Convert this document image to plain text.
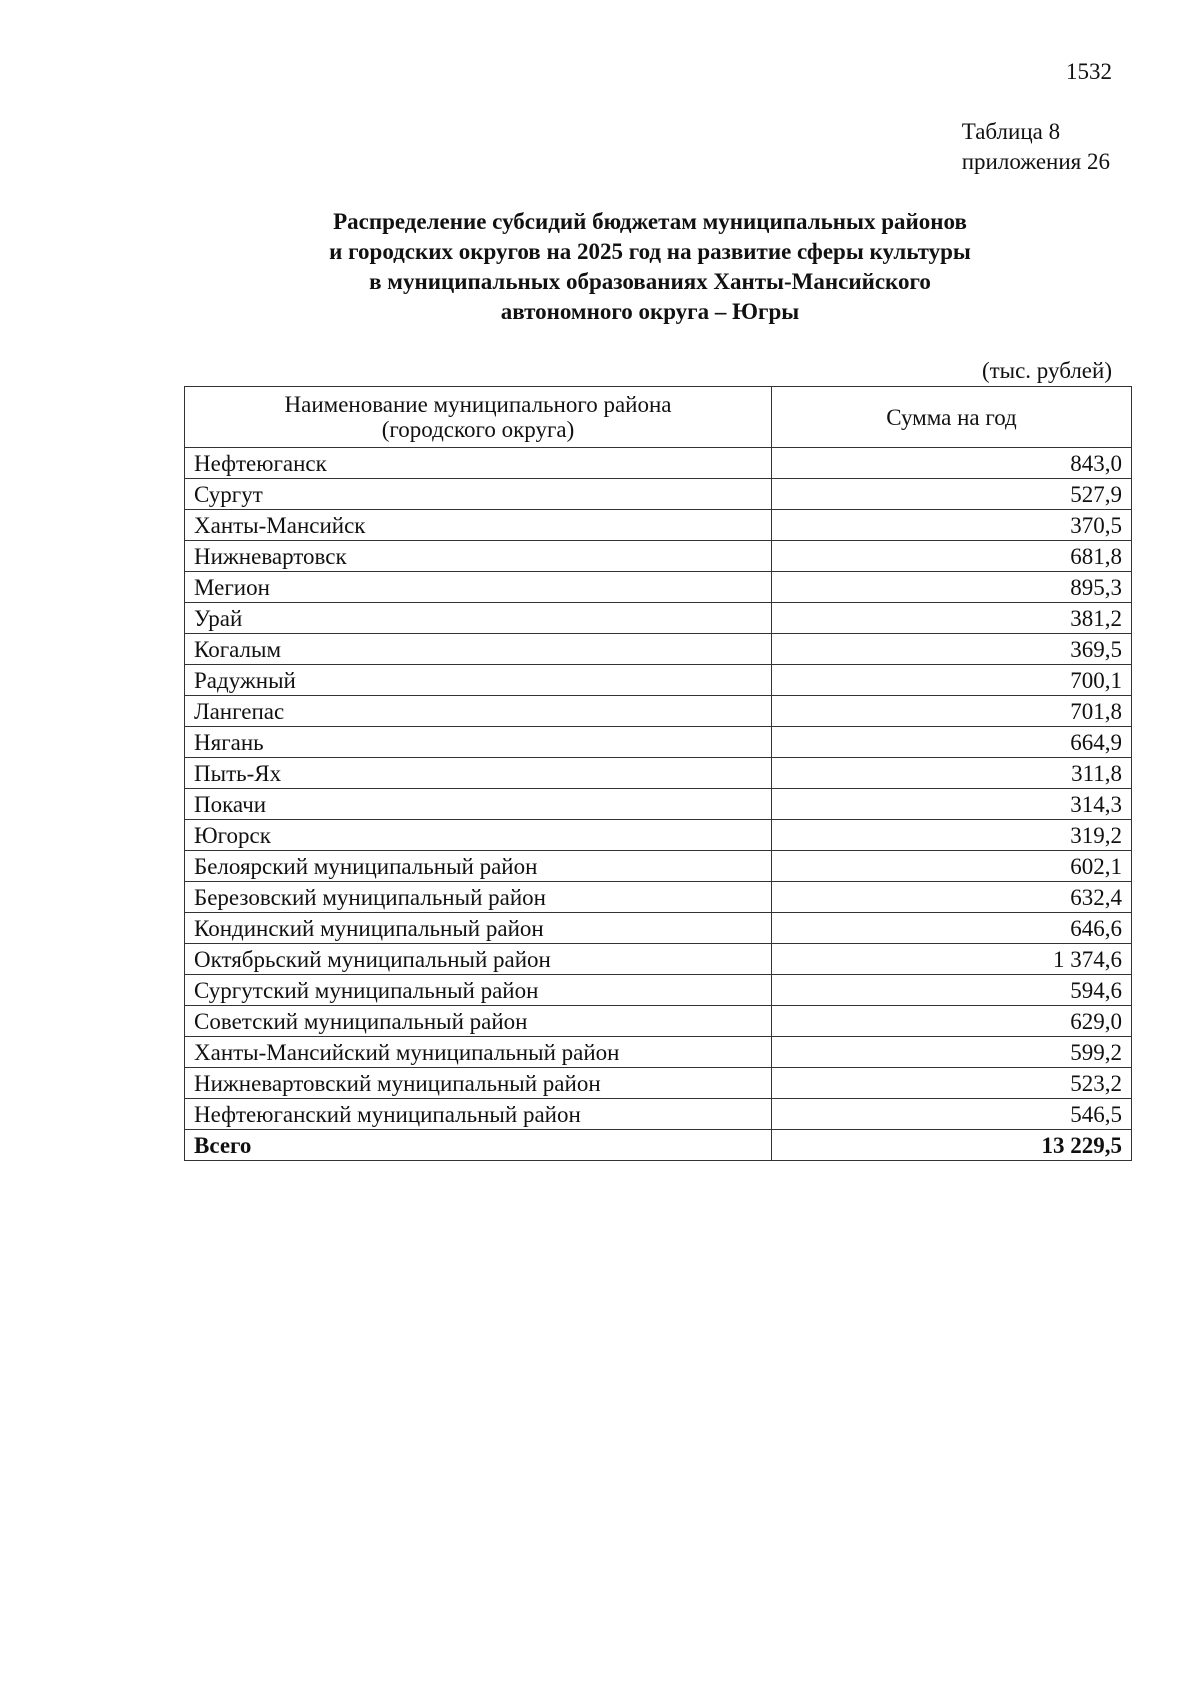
1532
Таблица 8
приложения 26
Распределение субсидий бюджетам муниципальных районов
и городских округов на 2025 год на развитие сферы культуры
в муниципальных образованиях Ханты-Мансийского
автономного округа – Югры
(тыс. рублей)
Наименование муниципального района
(городского округа)	Сумма на год
Нефтеюганск	843,0
Сургут	527,9
Ханты-Мансийск	370,5
Нижневартовск	681,8
Мегион	895,3
Урай	381,2
Когалым	369,5
Радужный	700,1
Лангепас	701,8
Нягань	664,9
Пыть-Ях	311,8
Покачи	314,3
Югорск	319,2
Белоярский муниципальный район	602,1
Березовский муниципальный район	632,4
Кондинский муниципальный район	646,6
Октябрьский муниципальный район	1 374,6
Сургутский муниципальный район	594,6
Советский муниципальный район	629,0
Ханты-Мансийский муниципальный район	599,2
Нижневартовский муниципальный район	523,2
Нефтеюганский муниципальный район	546,5
Всего	13 229,5
